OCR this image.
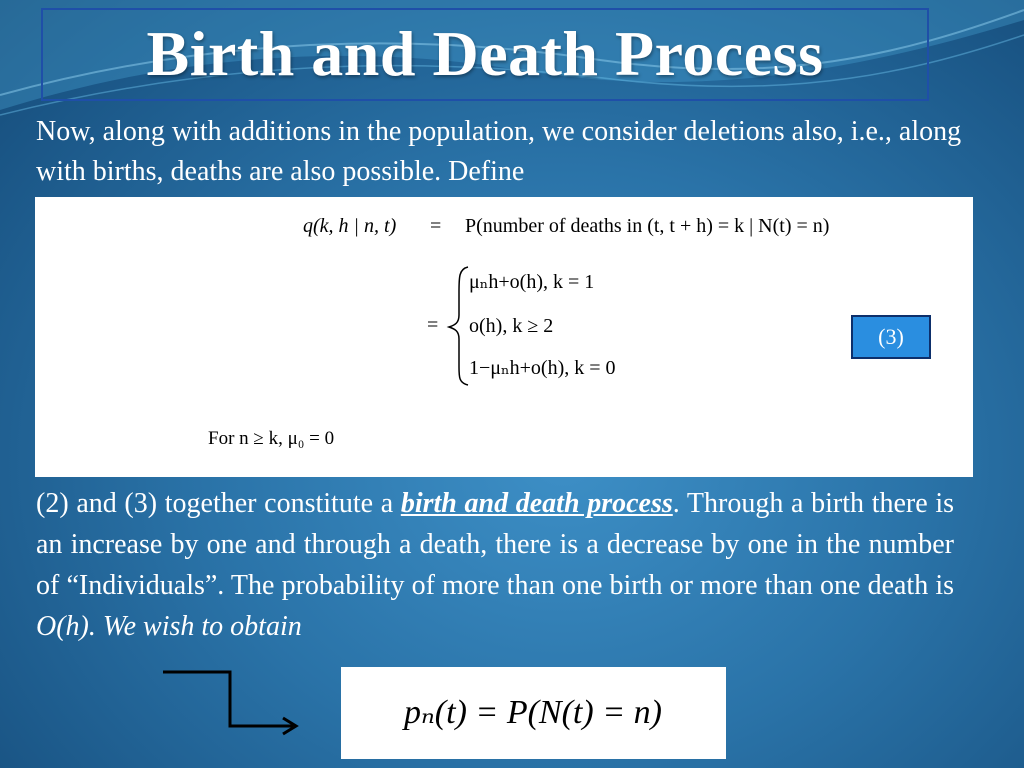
Birth and Death Process
Now, along with additions in the population, we consider deletions also, i.e., along with births, deaths are also possible. Define
q(k, h | n, t) = P(number of deaths in (t, t + h) = k | N(t) = n)
=
μₙh+o(h), k = 1
o(h), k ≥ 2
1−μₙh+o(h), k = 0
For n ≥ k, μ₀ = 0
(3)
(2) and (3) together constitute a birth and death process. Through a birth there is an increase by one and through a death, there is a decrease by one in the number of “Individuals”. The probability of more than one birth or more than one death is O(h). We wish to obtain
pₙ(t) = P(N(t) = n)
